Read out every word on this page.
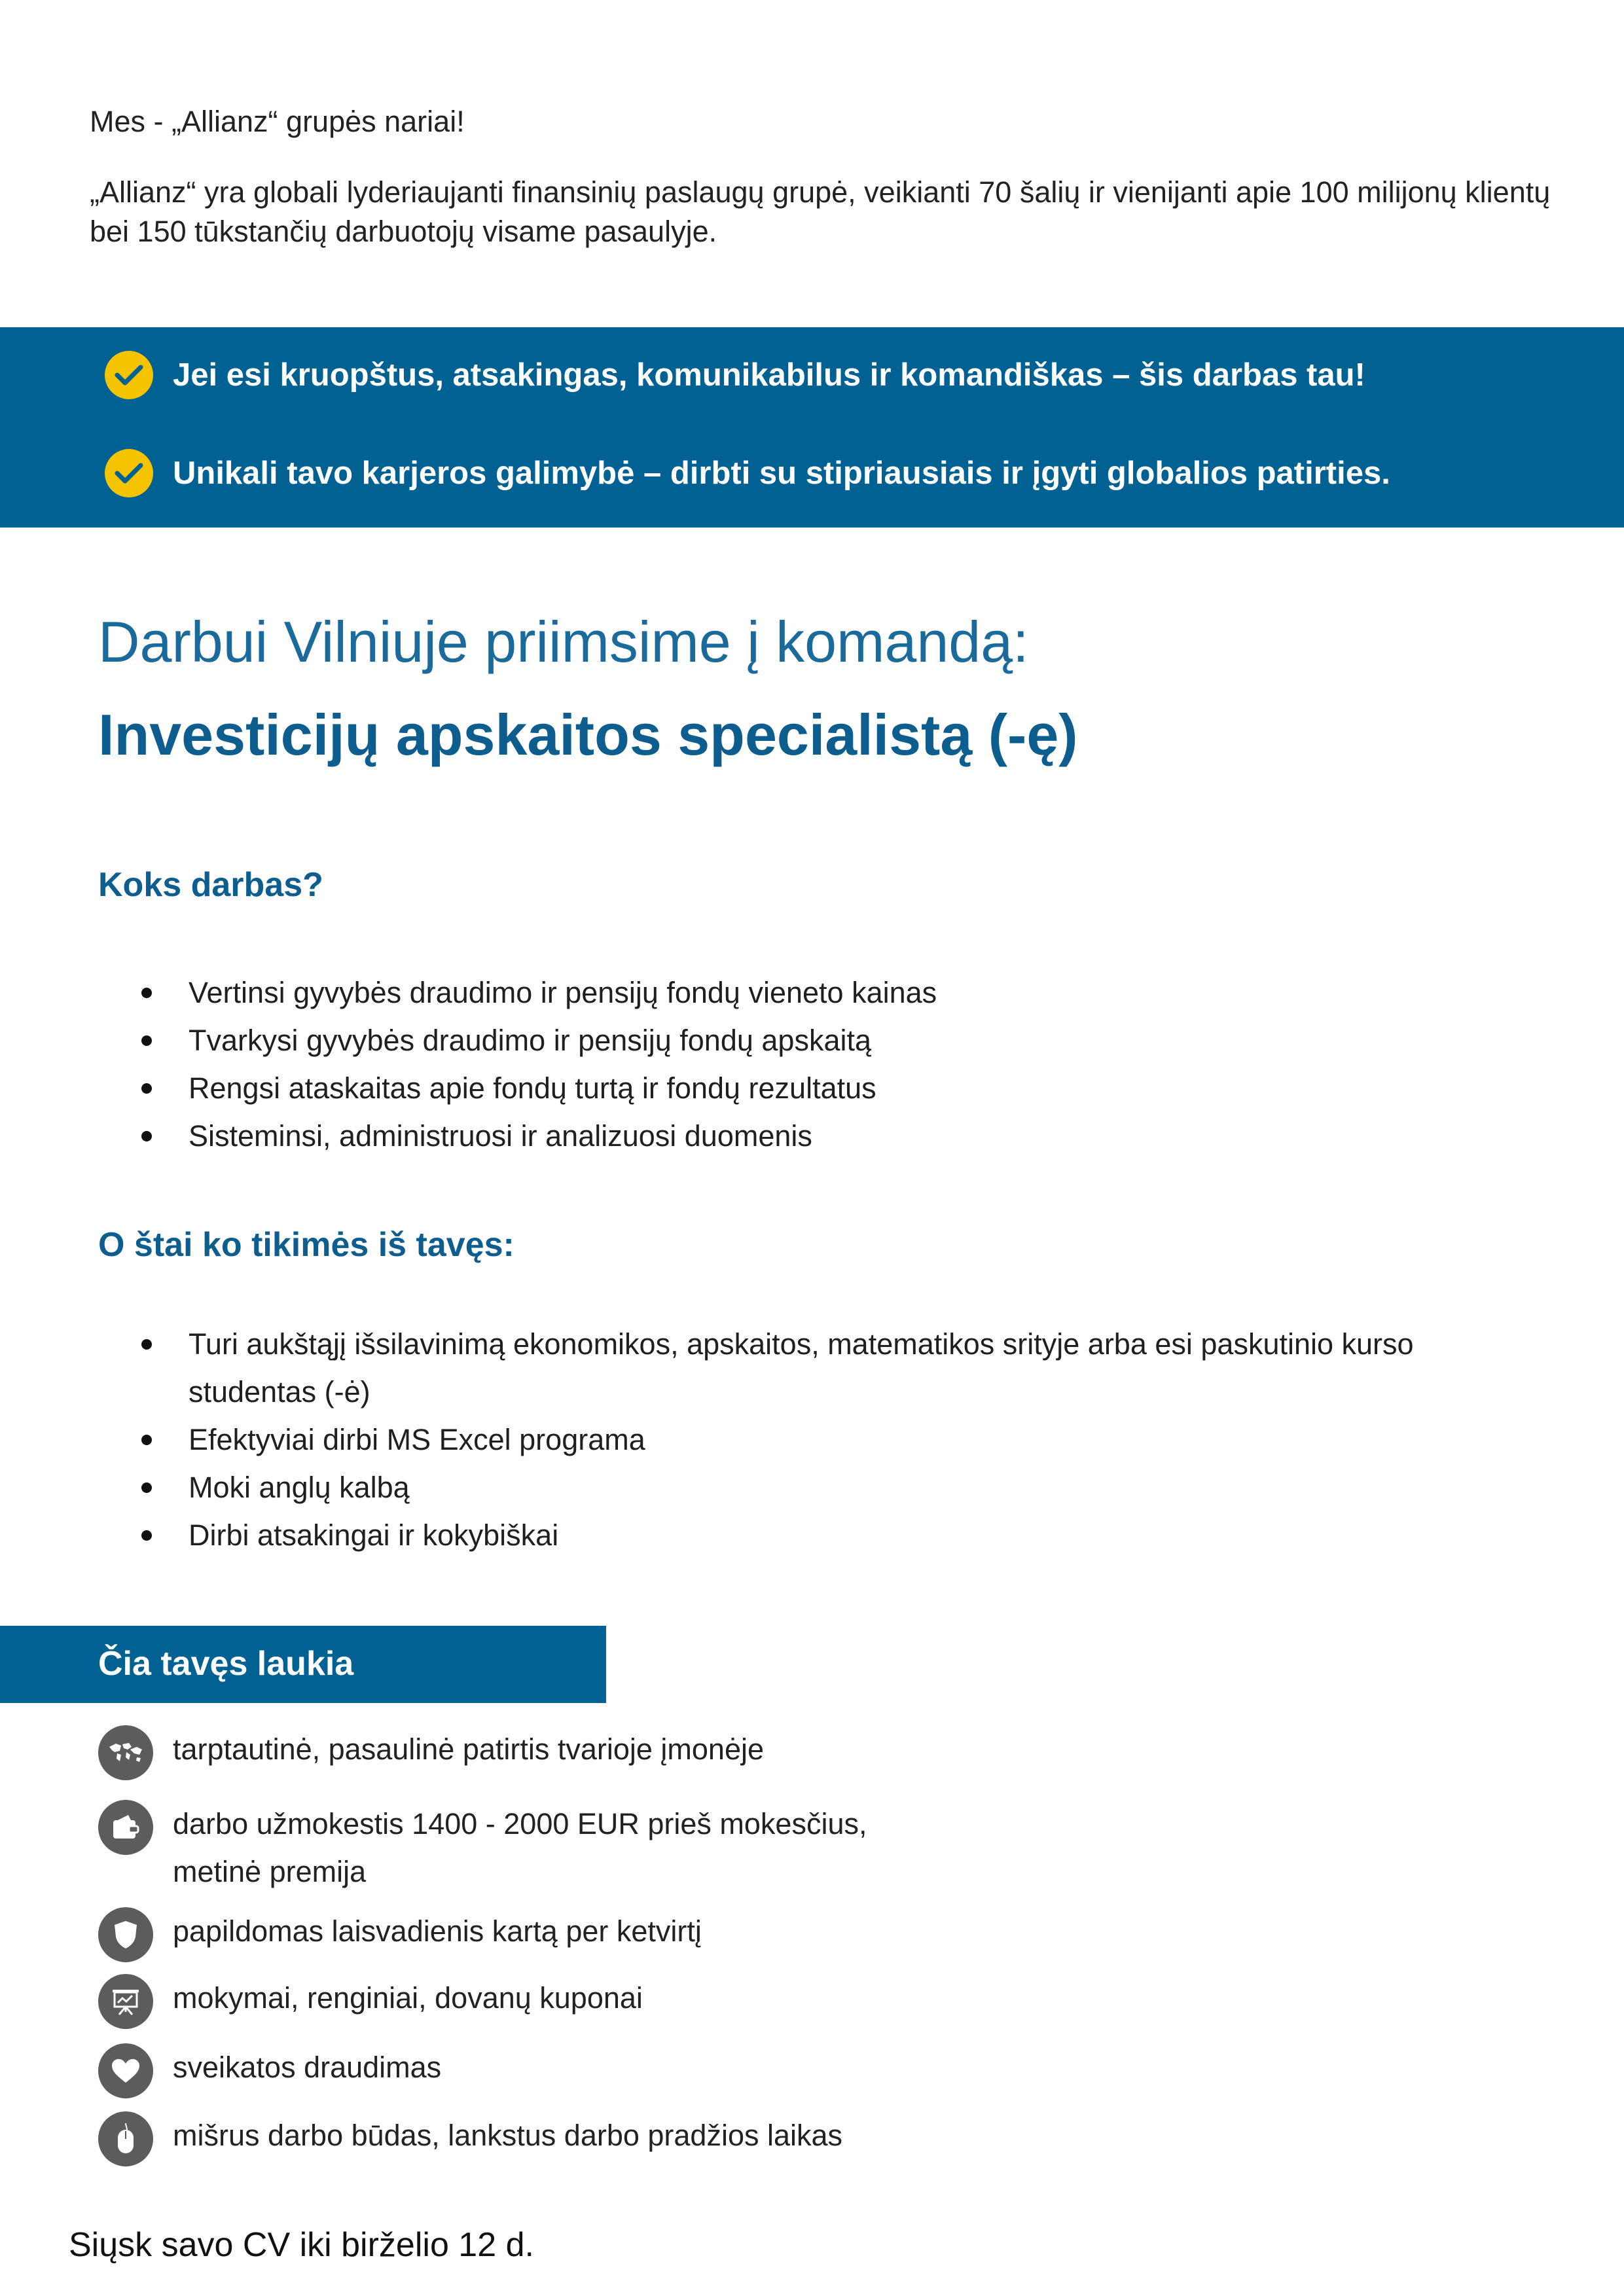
Mes - „Allianz“ grupės nariai!
„Allianz“ yra globali lyderiaujanti finansinių paslaugų grupė, veikianti 70 šalių ir vienijanti apie 100 milijonų klientų bei 150 tūkstančių darbuotojų visame pasaulyje.
Jei esi kruopštus, atsakingas, komunikabilus ir komandiškas – šis darbas tau!
Unikali tavo karjeros galimybė – dirbti su stipriausiais ir įgyti globalios patirties.
Darbui Vilniuje priimsime į komandą:
Investicijų apskaitos specialistą (-ę)
Koks darbas?
Vertinsi gyvybės draudimo ir pensijų fondų vieneto kainas
Tvarkysi gyvybės draudimo ir pensijų fondų apskaitą
Rengsi ataskaitas apie fondų turtą ir fondų rezultatus
Sisteminsi, administruosi ir analizuosi duomenis
O štai ko tikimės iš tavęs:
Turi aukštąjį išsilavinimą ekonomikos, apskaitos, matematikos srityje arba esi paskutinio kurso studentas (-ė)
Efektyviai dirbi MS Excel programa
Moki anglų kalbą
Dirbi atsakingai ir kokybiškai
Čia tavęs laukia
tarptautinė, pasaulinė patirtis tvarioje įmonėje
darbo užmokestis 1400 - 2000 EUR prieš mokesčius,
metinė premija
papildomas laisvadienis kartą per ketvirtį
mokymai, renginiai, dovanų kuponai
sveikatos draudimas
mišrus darbo būdas, lankstus darbo pradžios laikas
Siųsk savo CV iki birželio 12 d.
